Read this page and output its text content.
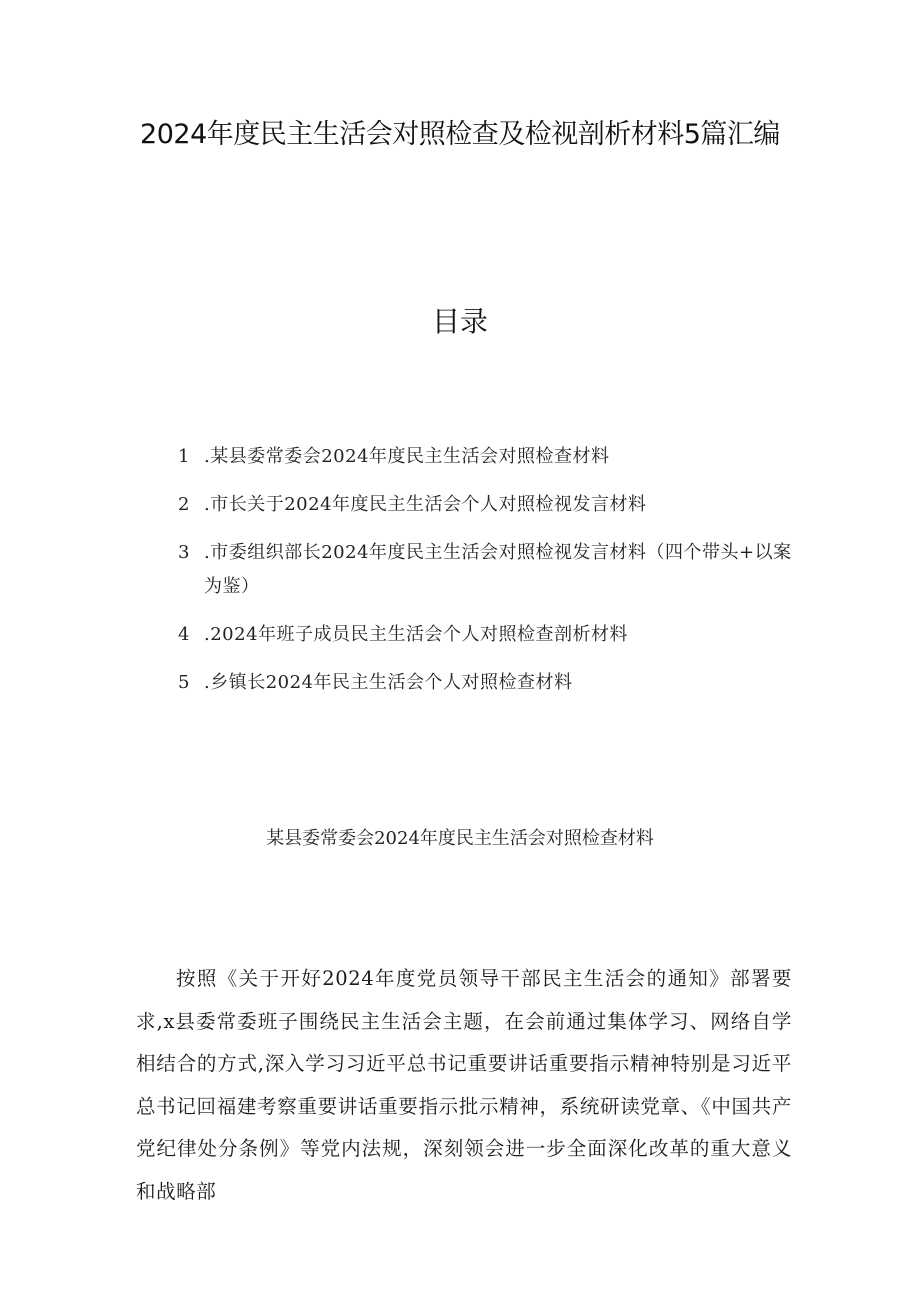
2024年度民主生活会对照检查及检视剖析材料5篇汇编
目录
1 .某县委常委会2024年度民主生活会对照检查材料
2 .市长关于2024年度民主生活会个人对照检视发言材料
3 .市委组织部长2024年度民主生活会对照检视发言材料（四个带头+以案为鉴）
4 .2024年班子成员民主生活会个人对照检查剖析材料
5 .乡镇长2024年民主生活会个人对照检查材料
某县委常委会2024年度民主生活会对照检查材料

按照《关于开好2024年度党员领导干部民主生活会的通知》部署要求,x县委常委班子围绕民主生活会主题，在会前通过集体学习、网络自学相结合的方式,深入学习习近平总书记重要讲话重要指示精神特别是习近平总书记回福建考察重要讲话重要指示批示精神，系统研读党章、《中国共产党纪律处分条例》等党内法规，深刻领会进一步全面深化改革的重大意义和战略部
